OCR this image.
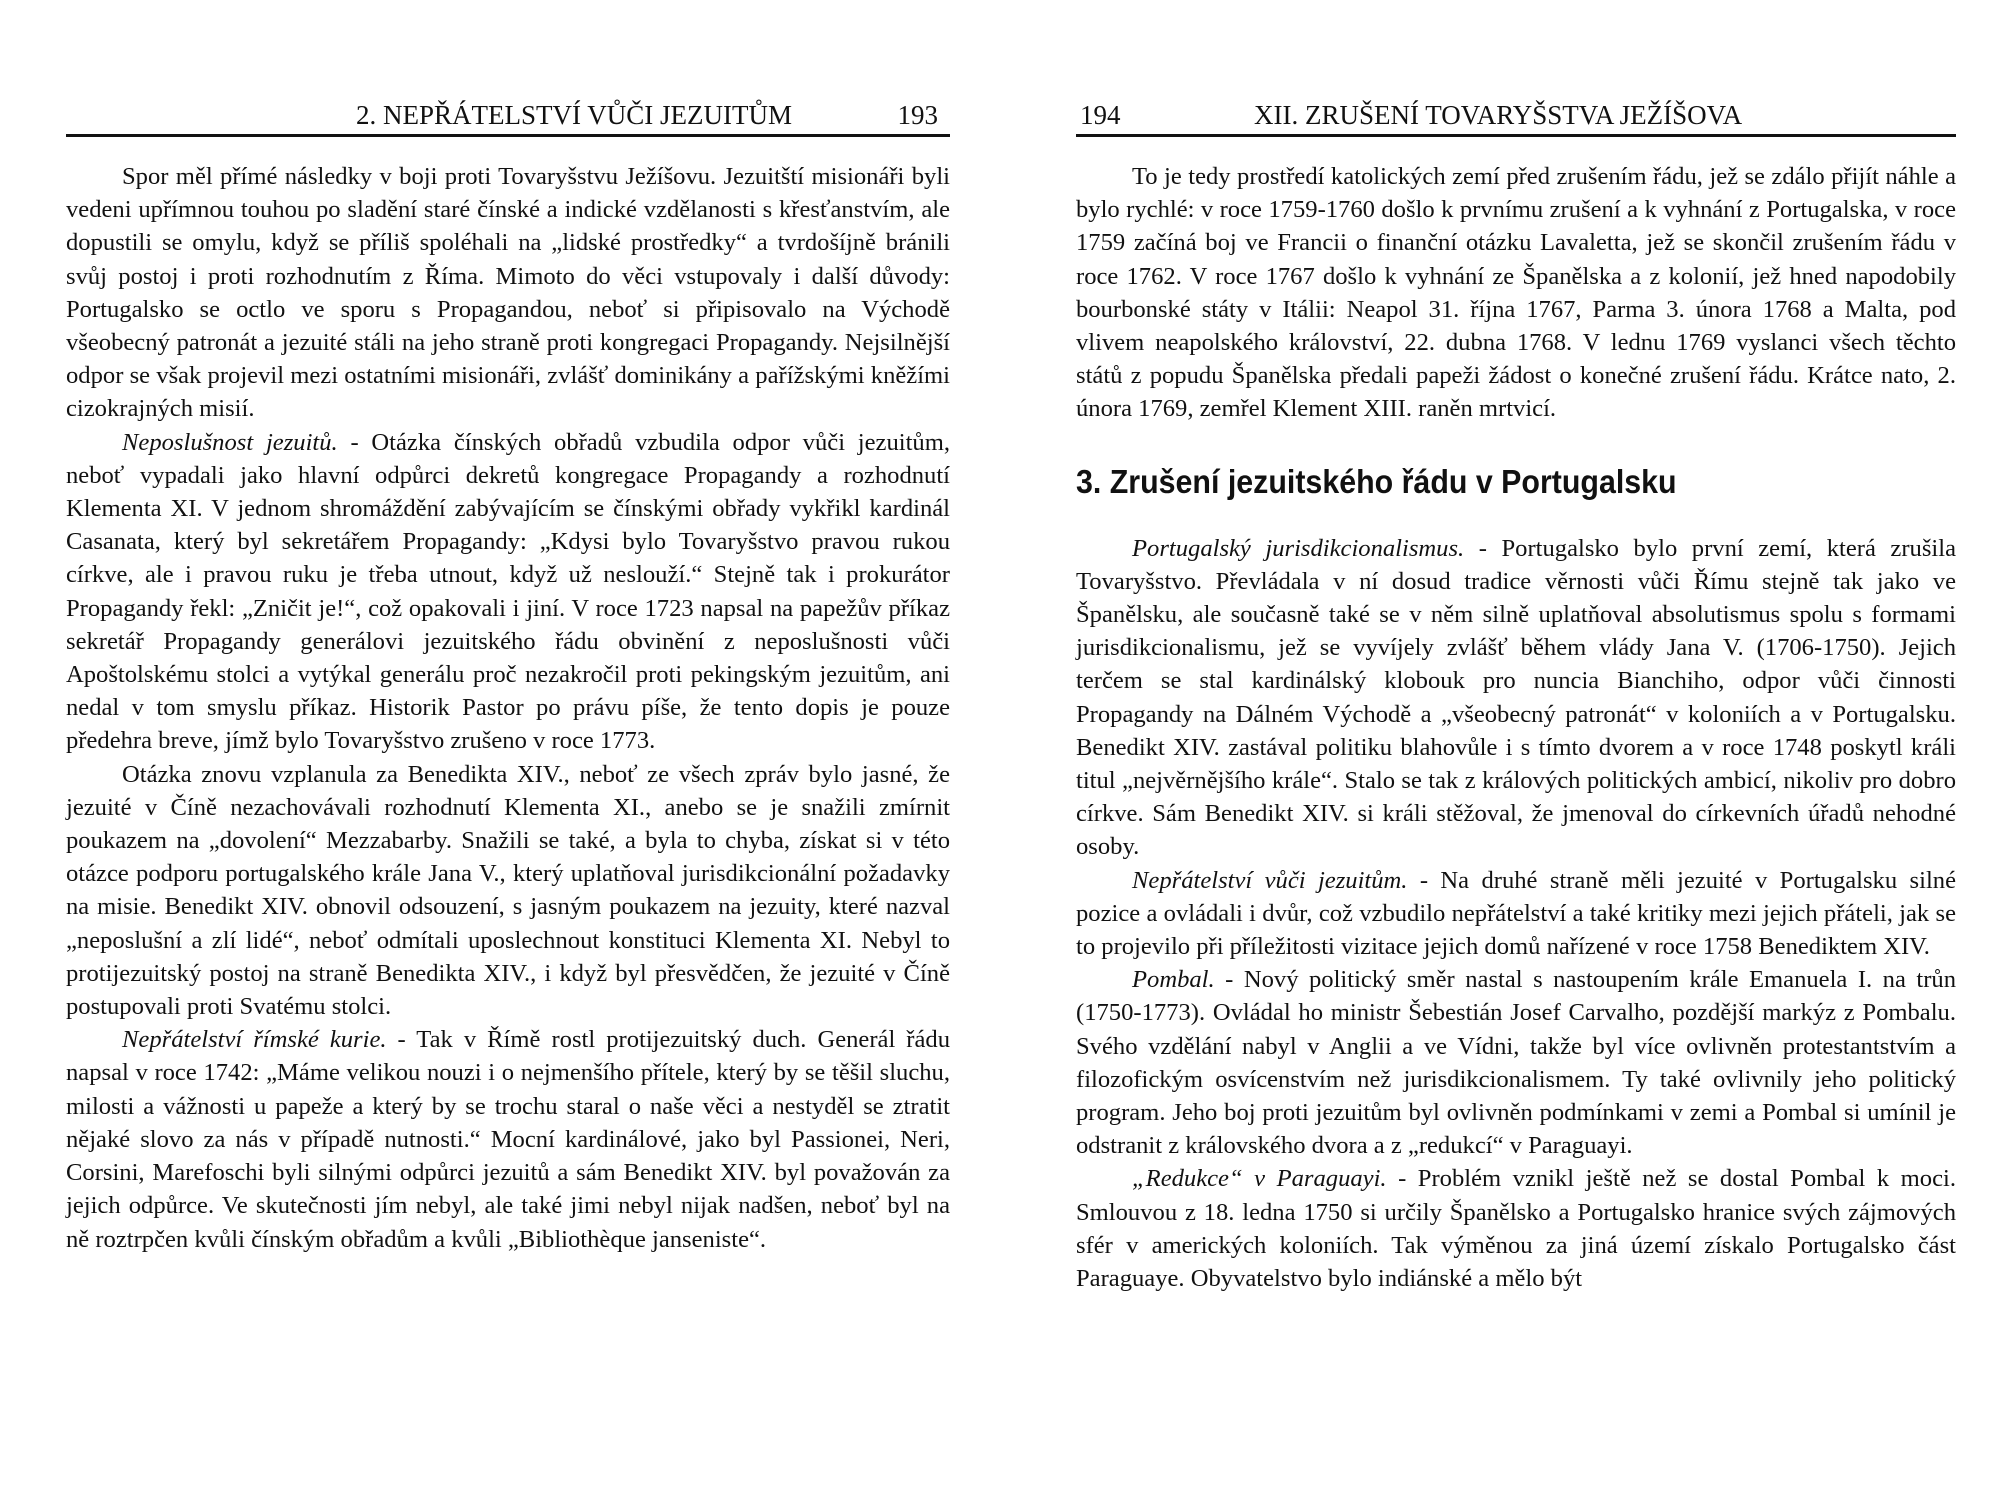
2. NEPŘÁTELSTVÍ VŮČI JEZUITŮM	193

Spor měl přímé následky v boji proti Tovaryšstvu Ježíšovu. Jezuitští misionáři byli vedeni upřímnou touhou po sladění staré čínské a indické vzdělanosti s křesťanstvím, ale dopustili se omylu, když se příliš spoléhali na „lidské prostředky“ a tvrdošíjně bránili svůj postoj i proti rozhodnutím z Říma. Mimoto do věci vstupovaly i další důvody: Portugalsko se octlo ve sporu s Propagandou, neboť si připisovalo na Východě všeobecný patronát a jezuité stáli na jeho straně proti kongregaci Propagandy. Nejsilnější odpor se však projevil mezi ostatními misionáři, zvlášť dominikány a pařížskými kněžími cizokrajných misií.

Neposlušnost jezuitů. - Otázka čínských obřadů vzbudila odpor vůči jezuitům, neboť vypadali jako hlavní odpůrci dekretů kongregace Propagandy a rozhodnutí Klementa XI. V jednom shromáždění zabývajícím se čínskými obřady vykřikl kardinál Casanata, který byl sekretářem Propagandy: „Kdysi bylo Tovaryšstvo pravou rukou církve, ale i pravou ruku je třeba utnout, když už neslouží.“ Stejně tak i prokurátor Propagandy řekl: „Zničit je!“, což opakovali i jiní. V roce 1723 napsal na papežův příkaz sekretář Propagandy generálovi jezuitského řádu obvinění z neposlušnosti vůči Apoštolskému stolci a vytýkal generálu proč nezakročil proti pekingským jezuitům, ani nedal v tom smyslu příkaz. Historik Pastor po právu píše, že tento dopis je pouze předehra breve, jímž bylo Tovaryšstvo zrušeno v roce 1773.

Otázka znovu vzplanula za Benedikta XIV., neboť ze všech zpráv bylo jasné, že jezuité v Číně nezachovávali rozhodnutí Klementa XI., anebo se je snažili zmírnit poukazem na „dovolení“ Mezzabarby. Snažili se také, a byla to chyba, získat si v této otázce podporu portugalského krále Jana V., který uplatňoval jurisdikcionální požadavky na misie. Benedikt XIV. obnovil odsouzení, s jasným poukazem na jezuity, které nazval „neposlušní a zlí lidé“, neboť odmítali uposlechnout konstituci Klementa XI. Nebyl to protijezuitský postoj na straně Benedikta XIV., i když byl přesvědčen, že jezuité v Číně postupovali proti Svatému stolci.

Nepřátelství římské kurie. - Tak v Římě rostl protijezuitský duch. Generál řádu napsal v roce 1742: „Máme velikou nouzi i o nejmenšího přítele, který by se těšil sluchu, milosti a vážnosti u papeže a který by se trochu staral o naše věci a nestyděl se ztratit nějaké slovo za nás v případě nutnosti.“ Mocní kardinálové, jako byl Passionei, Neri, Corsini, Marefoschi byli silnými odpůrci jezuitů a sám Benedikt XIV. byl považován za jejich odpůrce. Ve skutečnosti jím nebyl, ale také jimi nebyl nijak nadšen, neboť byl na ně roztrpčen kvůli čínským obřadům a kvůli „Bibliothèque janseniste“.

194	XII. ZRUŠENÍ TOVARYŠSTVA JEŽÍŠOVA

To je tedy prostředí katolických zemí před zrušením řádu, jež se zdálo přijít náhle a bylo rychlé: v roce 1759-1760 došlo k prvnímu zrušení a k vyhnání z Portugalska, v roce 1759 začíná boj ve Francii o finanční otázku Lavaletta, jež se skončil zrušením řádu v roce 1762. V roce 1767 došlo k vyhnání ze Španělska a z kolonií, jež hned napodobily bourbonské státy v Itálii: Neapol 31. října 1767, Parma 3. února 1768 a Malta, pod vlivem neapolského království, 22. dubna 1768. V lednu 1769 vyslanci všech těchto států z popudu Španělska předali papeži žádost o konečné zrušení řádu. Krátce nato, 2. února 1769, zemřel Klement XIII. raněn mrtvicí.

3. Zrušení jezuitského řádu v Portugalsku

Portugalský jurisdikcionalismus. - Portugalsko bylo první zemí, která zrušila Tovaryšstvo. Převládala v ní dosud tradice věrnosti vůči Římu stejně tak jako ve Španělsku, ale současně také se v něm silně uplatňoval absolutismus spolu s formami jurisdikcionalismu, jež se vyvíjely zvlášť během vlády Jana V. (1706-1750). Jejich terčem se stal kardinálský klobouk pro nuncia Bianchiho, odpor vůči činnosti Propagandy na Dálném Východě a „všeobecný patronát“ v koloniích a v Portugalsku. Benedikt XIV. zastával politiku blahovůle i s tímto dvorem a v roce 1748 poskytl králi titul „nejvěrnějšího krále“. Stalo se tak z králových politických ambicí, nikoliv pro dobro církve. Sám Benedikt XIV. si králi stěžoval, že jmenoval do církevních úřadů nehodné osoby.

Nepřátelství vůči jezuitům. - Na druhé straně měli jezuité v Portugalsku silné pozice a ovládali i dvůr, což vzbudilo nepřátelství a také kritiky mezi jejich přáteli, jak se to projevilo při příležitosti vizitace jejich domů nařízené v roce 1758 Benediktem XIV.

Pombal. - Nový politický směr nastal s nastoupením krále Emanuela I. na trůn (1750-1773). Ovládal ho ministr Šebestián Josef Carvalho, pozdější markýz z Pombalu. Svého vzdělání nabyl v Anglii a ve Vídni, takže byl více ovlivněn protestantstvím a filozofickým osvícenstvím než jurisdikcionalismem. Ty také ovlivnily jeho politický program. Jeho boj proti jezuitům byl ovlivněn podmínkami v zemi a Pombal si umínil je odstranit z královského dvora a z „redukcí“ v Paraguayi.

„Redukce“ v Paraguayi. - Problém vznikl ještě než se dostal Pombal k moci. Smlouvou z 18. ledna 1750 si určily Španělsko a Portugalsko hranice svých zájmových sfér v amerických koloniích. Tak výměnou za jiná území získalo Portugalsko část Paraguaye. Obyvatelstvo bylo indiánské a mělo být
